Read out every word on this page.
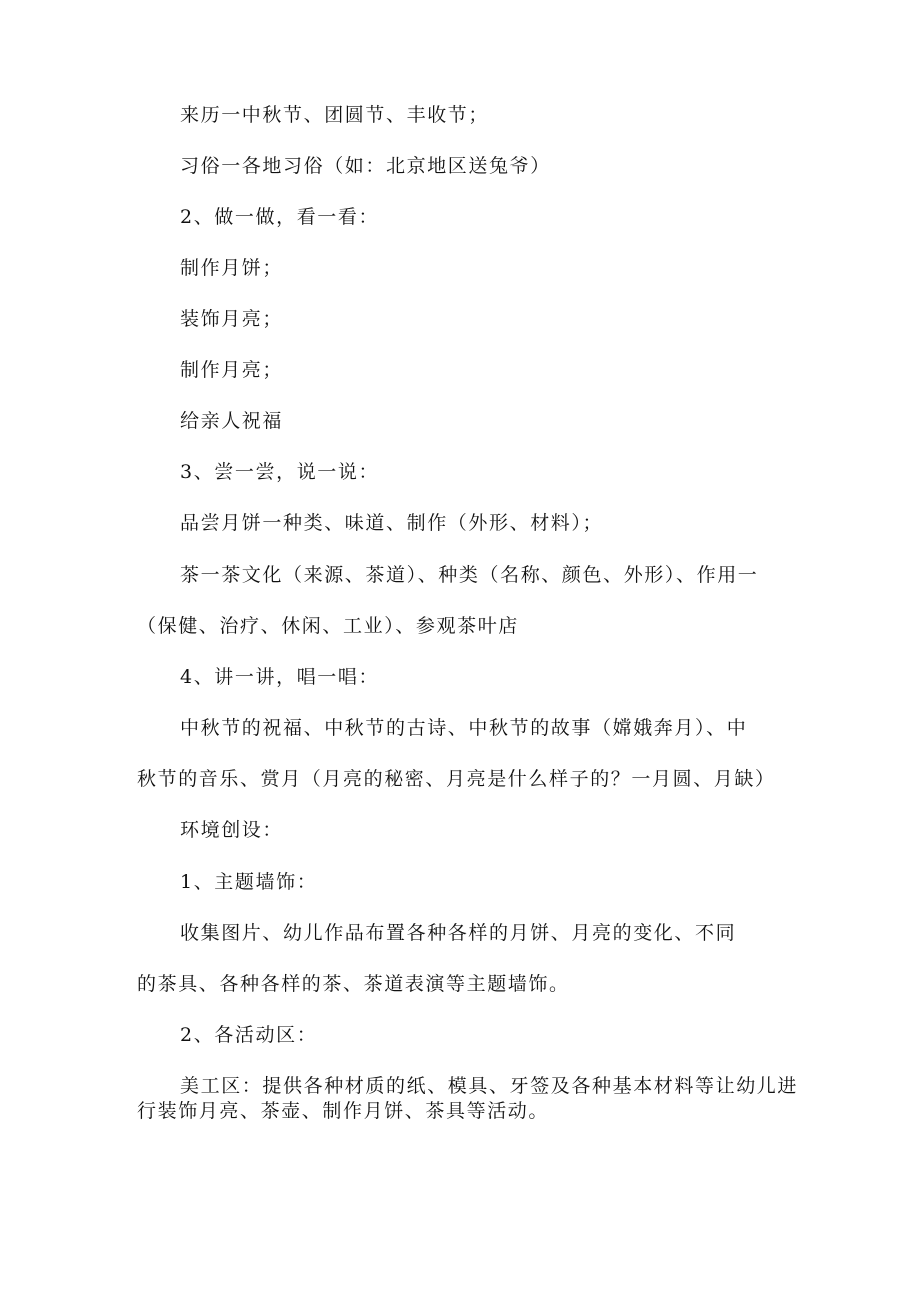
来历一中秋节、团圆节、丰收节；
习俗一各地习俗（如：北京地区送兔爷）
2、做一做，看一看：
制作月饼；
装饰月亮；
制作月亮；
给亲人祝福
3、尝一尝，说一说：
品尝月饼一种类、味道、制作（外形、材料）；
茶一茶文化（来源、茶道）、种类（名称、颜色、外形）、作用一
（保健、治疗、休闲、工业）、参观茶叶店
4、讲一讲，唱一唱：
中秋节的祝福、中秋节的古诗、中秋节的故事（嫦娥奔月）、中
秋节的音乐、赏月（月亮的秘密、月亮是什么样子的？一月圆、月缺）
环境创设：
1、主题墙饰：
收集图片、幼儿作品布置各种各样的月饼、月亮的变化、不同
的茶具、各种各样的茶、茶道表演等主题墙饰。
2、各活动区：
美工区：提供各种材质的纸、模具、牙签及各种基本材料等让幼儿进
行装饰月亮、茶壶、制作月饼、茶具等活动。
